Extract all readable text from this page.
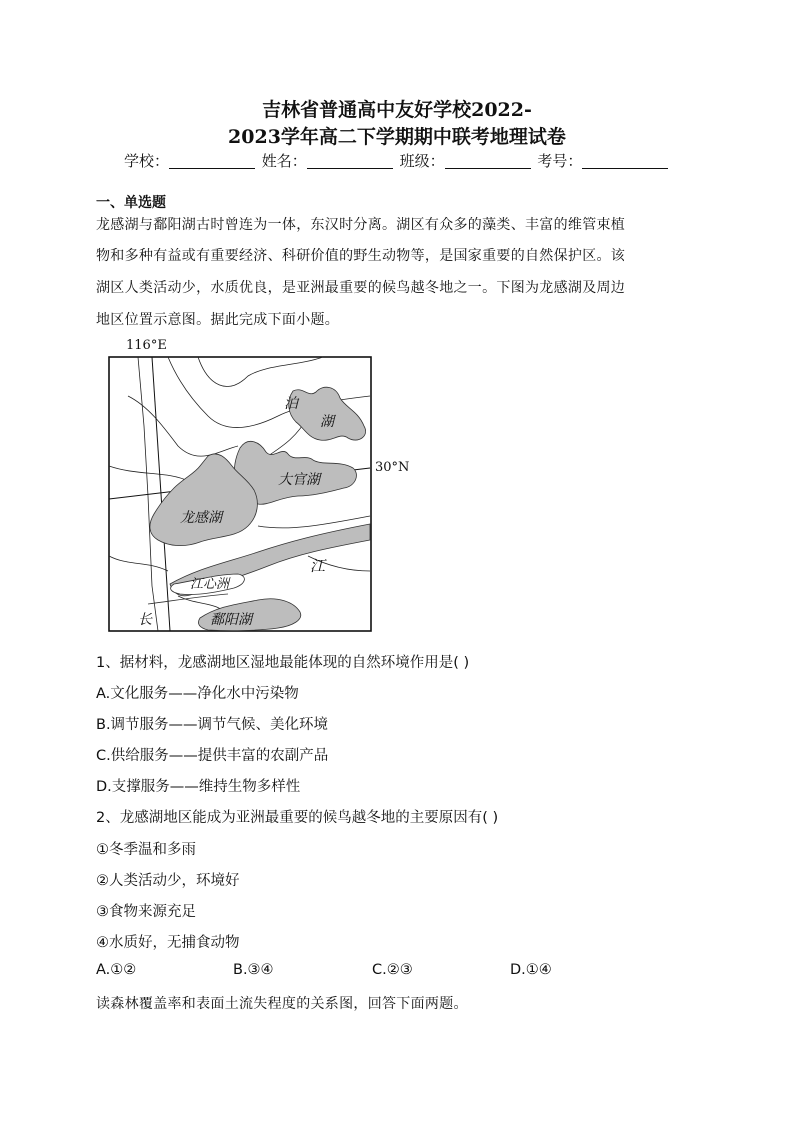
吉林省普通高中友好学校2022-
2023学年高二下学期期中联考地理试卷
学校：	姓名：	班级：	考号：
一、单选题
龙感湖与鄱阳湖古时曾连为一体，东汉时分离。湖区有众多的藻类、丰富的维管束植
物和多种有益或有重要经济、科研价值的野生动物等，是国家重要的自然保护区。该
湖区人类活动少，水质优良，是亚洲最重要的候鸟越冬地之一。下图为龙感湖及周边
地区位置示意图。据此完成下面小题。
116°E
30°N
泊
湖
大官湖
龙感湖
江
江心洲
长	鄱阳湖
1、据材料，龙感湖地区湿地最能体现的自然环境作用是( )
A.文化服务——净化水中污染物
B.调节服务——调节气候、美化环境
C.供给服务——提供丰富的农副产品
D.支撑服务——维持生物多样性
2、龙感湖地区能成为亚洲最重要的候鸟越冬地的主要原因有( )
①冬季温和多雨
②人类活动少，环境好
③食物来源充足
④水质好，无捕食动物
A.①②	B.③④	C.②③	D.①④
读森林覆盖率和表面土流失程度的关系图，回答下面两题。
